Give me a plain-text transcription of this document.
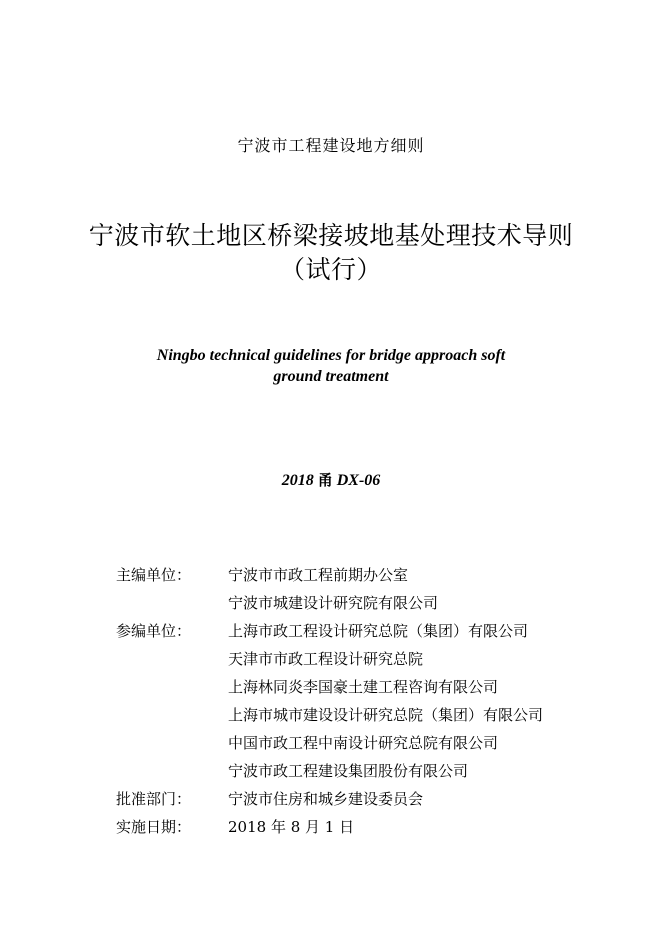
宁波市工程建设地方细则
宁波市软土地区桥梁接坡地基处理技术导则
（试行）
Ningbo technical guidelines for bridge approach soft
ground treatment
2018 甬 DX-06
主编单位：	宁波市市政工程前期办公室
宁波市城建设计研究院有限公司
参编单位：	上海市政工程设计研究总院（集团）有限公司
天津市市政工程设计研究总院
上海林同炎李国豪土建工程咨询有限公司
上海市城市建设设计研究总院（集团）有限公司
中国市政工程中南设计研究总院有限公司
宁波市政工程建设集团股份有限公司
批准部门：	宁波市住房和城乡建设委员会
实施日期：	2018 年 8 月 1 日
